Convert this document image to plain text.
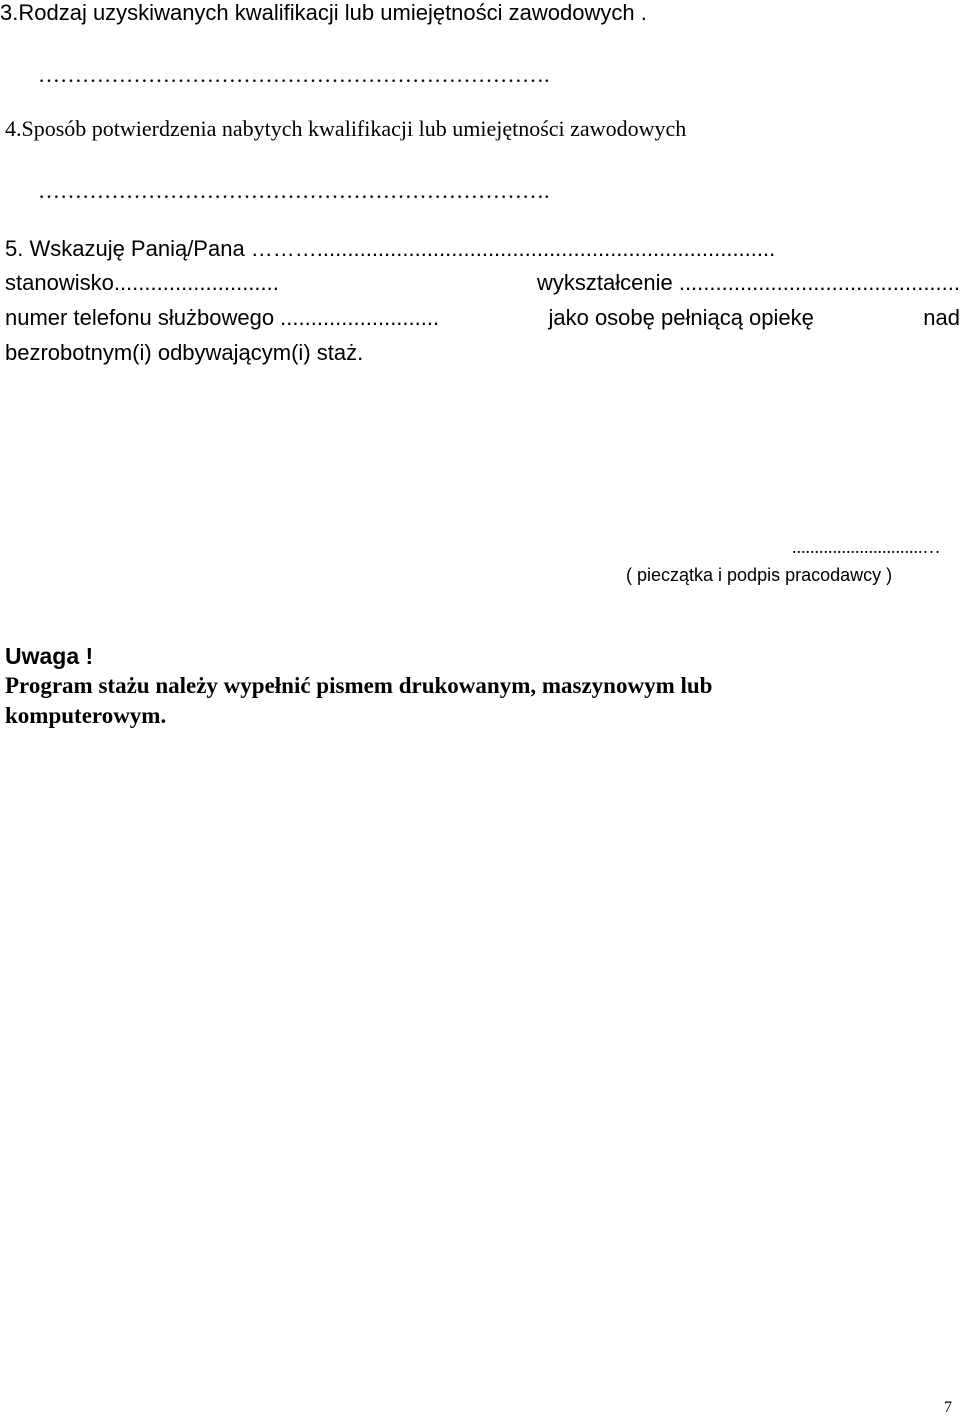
3.Rodzaj uzyskiwanych kwalifikacji lub umiejętności zawodowych .
…………………………………………………………….
4.Sposób potwierdzenia nabytych kwalifikacji lub umiejętności zawodowych
…………………………………………………………….
5. Wskazuję Panią/Pana ………...........................................................................
stanowisko...........................	wykształcenie ..............................................
numer telefonu służbowego ..........................	jako osobę pełniącą opiekę	nad
bezrobotnym(i) odbywającym(i) staż.
.............................…
( pieczątka i podpis pracodawcy )
Uwaga !
Program stażu należy wypełnić pismem drukowanym, maszynowym lub
komputerowym.
7
